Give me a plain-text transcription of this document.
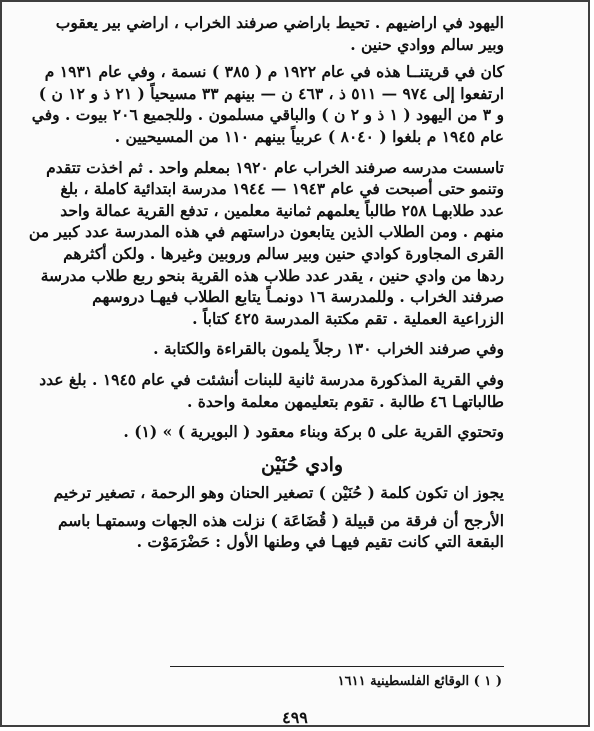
اليهود في اراضيهم . تحيط باراضي صرفند الخراب ، اراضي بير يعقوب
وبير سالم ووادي حنين .

كان في قريتنــا هذه في عام ١٩٢٢ م ( ٣٨٥ ) نسمة ، وفي عام ١٩٣١ م
ارتفعوا إلى ٩٧٤ — ٥١١ ذ ، ٤٦٣ ن — بينهم ٣٣ مسيحياً ( ٢١ ذ و ١٢ ن )
و ٣ من اليهود ( ١ ذ و ٢ ن ) والباقي مسلمون . وللجميع ٢٠٦ بيوت . وفي
عام ١٩٤٥ م بلغوا ( ٨٠٤٠ ) عربياً بينهم ١١٠ من المسيحيين .

تاسست مدرسه صرفند الخراب عام ١٩٢٠ بمعلم واحد . ثم اخذت تتقدم
وتنمو حتى أصبحت في عام ١٩٤٣ — ١٩٤٤ مدرسة ابتدائية كاملة ، بلغ
عدد طلابهـا ٢٥٨ طالباً يعلمهم ثمانية معلمين ، تدفع القرية عمالة واحد
منهم . ومن الطلاب الذين يتابعون دراستهم في هذه المدرسة عدد كبير من
القرى المجاورة كوادي حنين وبير سالم وروبين وغيرها . ولكن أكثرهم
ردها من وادي حنين ، يقدر عدد طلاب هذه القرية بنحو ربع طلاب مدرسة
صرفند الخراب . وللمدرسة ١٦ دونمـاً يتابع الطلاب فيهـا دروسهم
الزراعية العملية . تقم مكتبة المدرسة ٤٢٥ كتاباً .

وفي صرفند الخراب ١٣٠ رجلاً يلمون بالقراءة والكتابة .

وفي القرية المذكورة مدرسة ثانية للبنات أنشئت في عام ١٩٤٥ . بلغ عدد
طالباتهـا ٤٦ طالبة . تقوم بتعليمهن معلمة واحدة .

وتحتوي القرية على ٥ بركة وبناء معقود ( البويرية ) » (١) .

وادي حُنَيْن

يجوز ان تكون كلمة ( حُنَيْن ) تصغير الحنان وهو الرحمة ، تصغير ترخيم

الأرجح أن فرقة من قبيلة ( قُضَاعَة ) نزلت هذه الجهات وسمتهـا باسم
البقعة التي كانت تقيم فيهـا في وطنها الأول : حَضْرَمَوْت .

( ١ ) الوقائع الفلسطينية ١٦١١
٤٩٩
